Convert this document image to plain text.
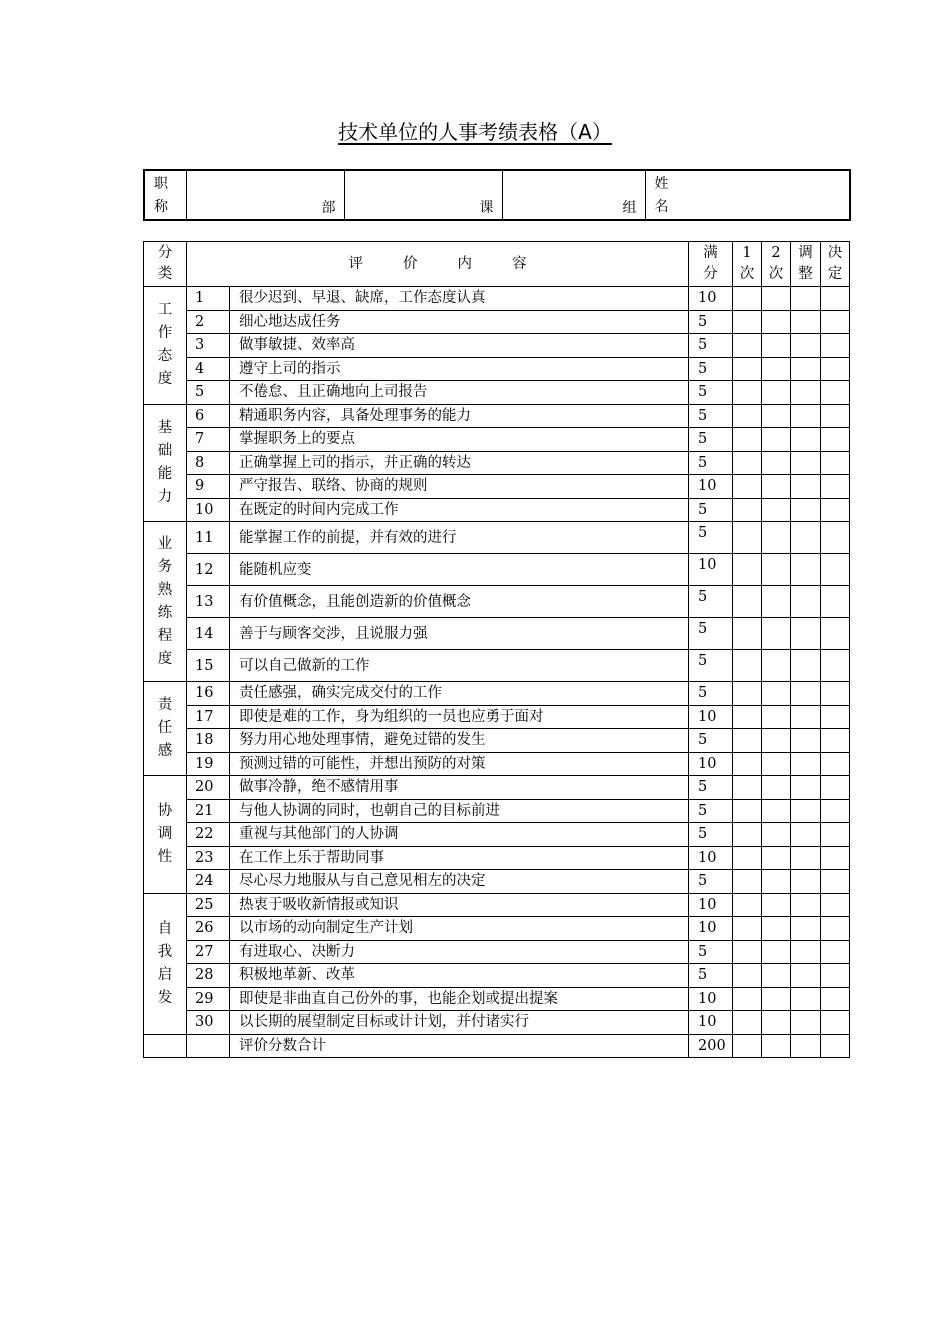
技术单位的人事考绩表格（A）
职称	部	课	组

姓名
分类	评 价 内 容		满分	1次	2次	调整	决定

工作态度	1	很少迟到、早退、缺席，工作态度认真	10				
	2	细心地达成任务	5				
	3	做事敏捷、效率高	5				
	4	遵守上司的指示	5				
	5	不倦怠、且正确地向上司报告	5				

基础能力	6	精通职务内容，具备处理事务的能力	5				
	7	掌握职务上的要点	5				
	8	正确掌握上司的指示，并正确的转达	5				
	9	严守报告、联络、协商的规则	10				
	10	在既定的时间内完成工作	5				

业务熟练程度	11	能掌握工作的前提，并有效的进行	5				
	12	能随机应变	10				
	13	有价值概念，且能创造新的价值概念	5				
	14	善于与顾客交涉，且说服力强	5				
	15	可以自己做新的工作	5				

责任感	16	责任感强，确实完成交付的工作	5				
	17	即使是难的工作，身为组织的一员也应勇于面对	10				
	18	努力用心地处理事情，避免过错的发生	5				
	19	预测过错的可能性，并想出预防的对策	10				

协调性	20	做事冷静，绝不感情用事	5				
	21	与他人协调的同时，也朝自己的目标前进	5				
	22	重视与其他部门的人协调	5				
	23	在工作上乐于帮助同事	10				
	24	尽心尽力地服从与自己意见相左的决定	5				

自我启发	25	热衷于吸收新情报或知识	10				
	26	以市场的动向制定生产计划	10				
	27	有进取心、决断力	5				
	28	积极地革新、改革	5				
	29	即使是非曲直自己份外的事，也能企划或提出提案	10				
	30	以长期的展望制定目标或计计划，并付诸实行	10				
		评价分数合计	200				
